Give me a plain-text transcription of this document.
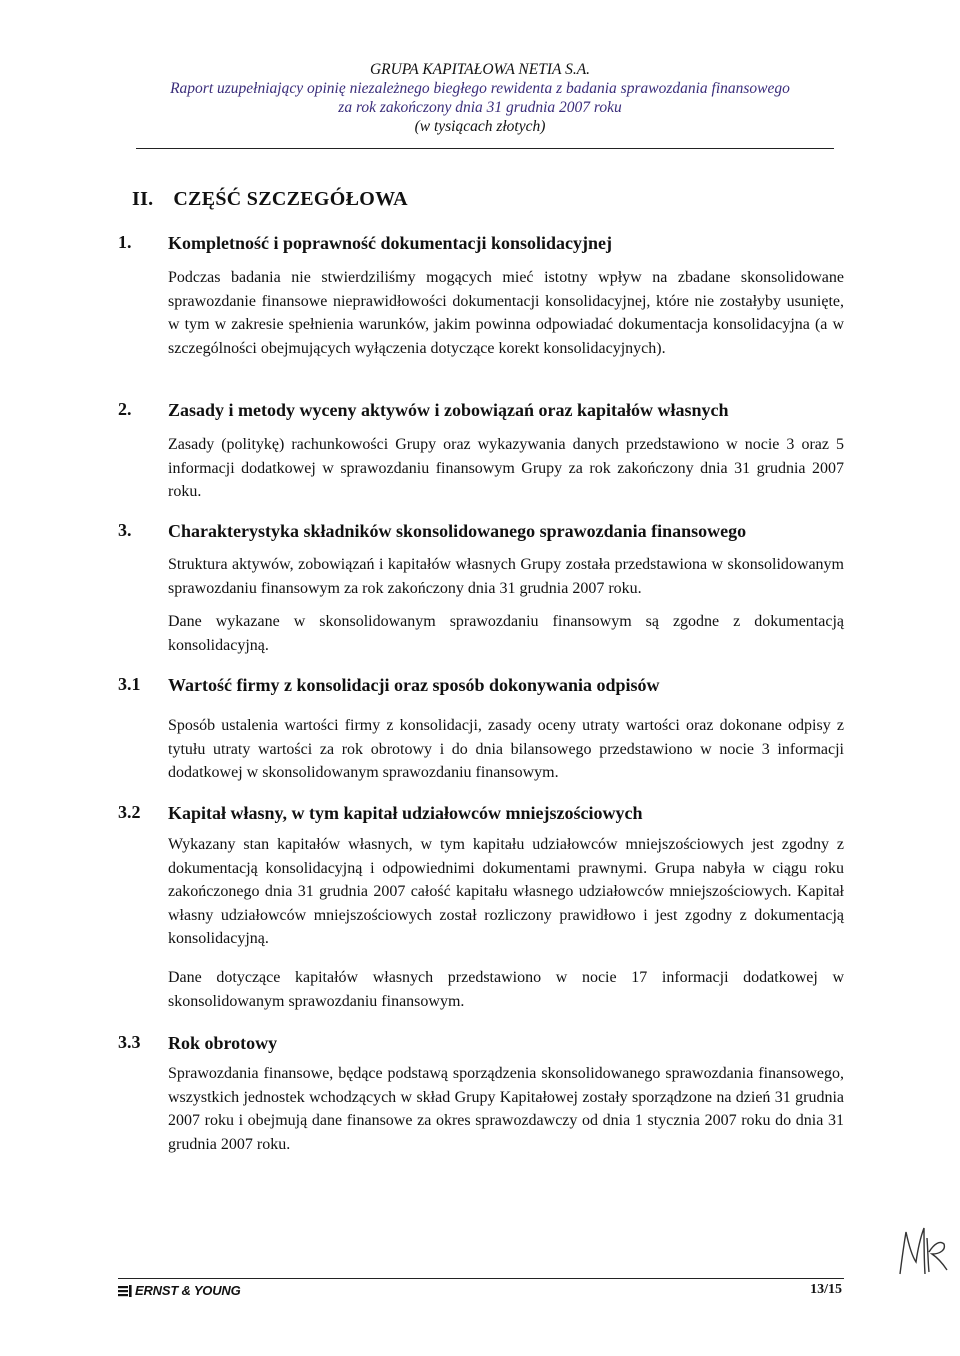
GRUPA KAPITAŁOWA NETIA S.A.
Raport uzupełniający opinię niezależnego biegłego rewidenta z badania sprawozdania finansowego
za rok zakończony dnia 31 grudnia 2007 roku
(w tysiącach złotych)
II. CZĘŚĆ SZCZEGÓŁOWA
1. Kompletność i poprawność dokumentacji konsolidacyjnej
Podczas badania nie stwierdziliśmy mogących mieć istotny wpływ na zbadane skonsolidowane sprawozdanie finansowe nieprawidłowości dokumentacji konsolidacyjnej, które nie zostałyby usunięte, w tym w zakresie spełnienia warunków, jakim powinna odpowiadać dokumentacja konsolidacyjna (a w szczególności obejmujących wyłączenia dotyczące korekt konsolidacyjnych).
2. Zasady i metody wyceny aktywów i zobowiązań oraz kapitałów własnych
Zasady (politykę) rachunkowości Grupy oraz wykazywania danych przedstawiono w nocie 3 oraz 5 informacji dodatkowej w sprawozdaniu finansowym Grupy za rok zakończony dnia 31 grudnia 2007 roku.
3. Charakterystyka składników skonsolidowanego sprawozdania finansowego
Struktura aktywów, zobowiązań i kapitałów własnych Grupy została przedstawiona w skonsolidowanym sprawozdaniu finansowym za rok zakończony dnia 31 grudnia 2007 roku.
Dane wykazane w skonsolidowanym sprawozdaniu finansowym są zgodne z dokumentacją konsolidacyjną.
3.1 Wartość firmy z konsolidacji oraz sposób dokonywania odpisów
Sposób ustalenia wartości firmy z konsolidacji, zasady oceny utraty wartości oraz dokonane odpisy z tytułu utraty wartości za rok obrotowy i do dnia bilansowego przedstawiono w nocie 3 informacji dodatkowej w skonsolidowanym sprawozdaniu finansowym.
3.2 Kapitał własny, w tym kapitał udziałowców mniejszościowych
Wykazany stan kapitałów własnych, w tym kapitału udziałowców mniejszościowych jest zgodny z dokumentacją konsolidacyjną i odpowiednimi dokumentami prawnymi. Grupa nabyła w ciągu roku zakończonego dnia 31 grudnia 2007 całość kapitału własnego udziałowców mniejszościowych. Kapitał własny udziałowców mniejszościowych został rozliczony prawidłowo i jest zgodny z dokumentacją konsolidacyjną.
Dane dotyczące kapitałów własnych przedstawiono w nocie 17 informacji dodatkowej w skonsolidowanym sprawozdaniu finansowym.
3.3 Rok obrotowy
Sprawozdania finansowe, będące podstawą sporządzenia skonsolidowanego sprawozdania finansowego, wszystkich jednostek wchodzących w skład Grupy Kapitałowej zostały sporządzone na dzień 31 grudnia 2007 roku i obejmują dane finansowe za okres sprawozdawczy od dnia 1 stycznia 2007 roku do dnia 31 grudnia 2007 roku.
ERNST & YOUNG	13/15
